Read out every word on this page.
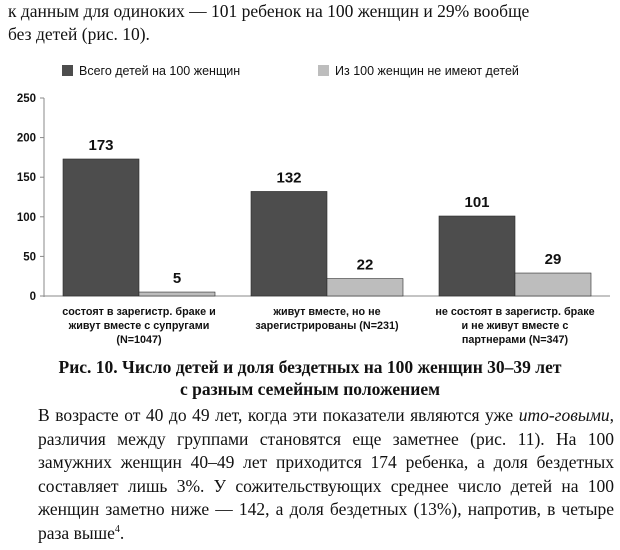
к данным для одиноких — 101 ребенок на 100 женщин и 29% вообще
без детей (рис. 10).
Всего детей на 100 женщин	Из 100 женщин не имеют детей
0
50
100
150
200
250
173
132
101
5
22	29
состоят в зарегистр. браке и
живут вместе с супругами
(N=1047)
живут вместе, но не
зарегистрированы (N=231)
не состоят в зарегистр. браке
и не живут вместе с
партнерами (N=347)
Рис. 10. Число детей и доля бездетных на 100 женщин 30–39 лет
с разным семейным положением

В возрасте от 40 до 49 лет, когда эти показатели являются уже ито-говыми, различия между группами становятся еще заметнее (рис. 11). На 100 замужних женщин 40–49 лет приходится 174 ребенка, а доля бездетных составляет лишь 3%. У сожительствующих среднее число детей на 100 женщин заметно ниже — 142, а доля бездетных (13%), напротив, в четыре раза выше$^4$.
